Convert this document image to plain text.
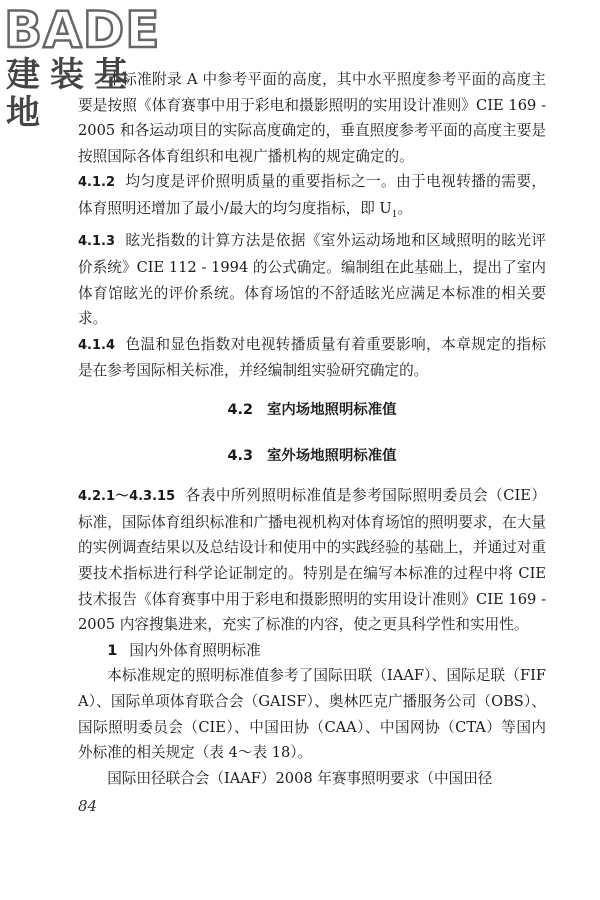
BADE
建装基地

本标准附录 A 中参考平面的高度，其中水平照度参考平面的高度主要是按照《体育赛事中用于彩电和摄影照明的实用设计准则》CIE 169 - 2005 和各运动项目的实际高度确定的，垂直照度参考平面的高度主要是按照国际各体育组织和电视广播机构的规定确定的。

4.1.2 均匀度是评价照明质量的重要指标之一。由于电视转播的需要，体育照明还增加了最小/最大的均匀度指标，即 $U_1$。

4.1.3 眩光指数的计算方法是依据《室外运动场地和区域照明的眩光评价系统》CIE 112 - 1994 的公式确定。编制组在此基础上，提出了室内体育馆眩光的评价系统。体育场馆的不舒适眩光应满足本标准的相关要求。

4.1.4 色温和显色指数对电视转播质量有着重要影响，本章规定的指标是在参考国际相关标准，并经编制组实验研究确定的。

4.2 室内场地照明标准值

4.3 室外场地照明标准值

4.2.1～4.3.15 各表中所列照明标准值是参考国际照明委员会（CIE）标准，国际体育组织标准和广播电视机构对体育场馆的照明要求，在大量的实例调查结果以及总结设计和使用中的实践经验的基础上，并通过对重要技术指标进行科学论证制定的。特别是在编写本标准的过程中将 CIE 技术报告《体育赛事中用于彩电和摄影照明的实用设计准则》CIE 169 - 2005 内容搜集进来，充实了标准的内容，使之更具科学性和实用性。

1 国内外体育照明标准

本标准规定的照明标准值参考了国际田联（IAAF）、国际足联（FIFA）、国际单项体育联合会（GAISF）、奥林匹克广播服务公司（OBS）、国际照明委员会（CIE）、中国田协（CAA）、中国网协（CTA）等国内外标准的相关规定（表 4～表 18）。

国际田径联合会（IAAF）2008 年赛事照明要求（中国田径

84
